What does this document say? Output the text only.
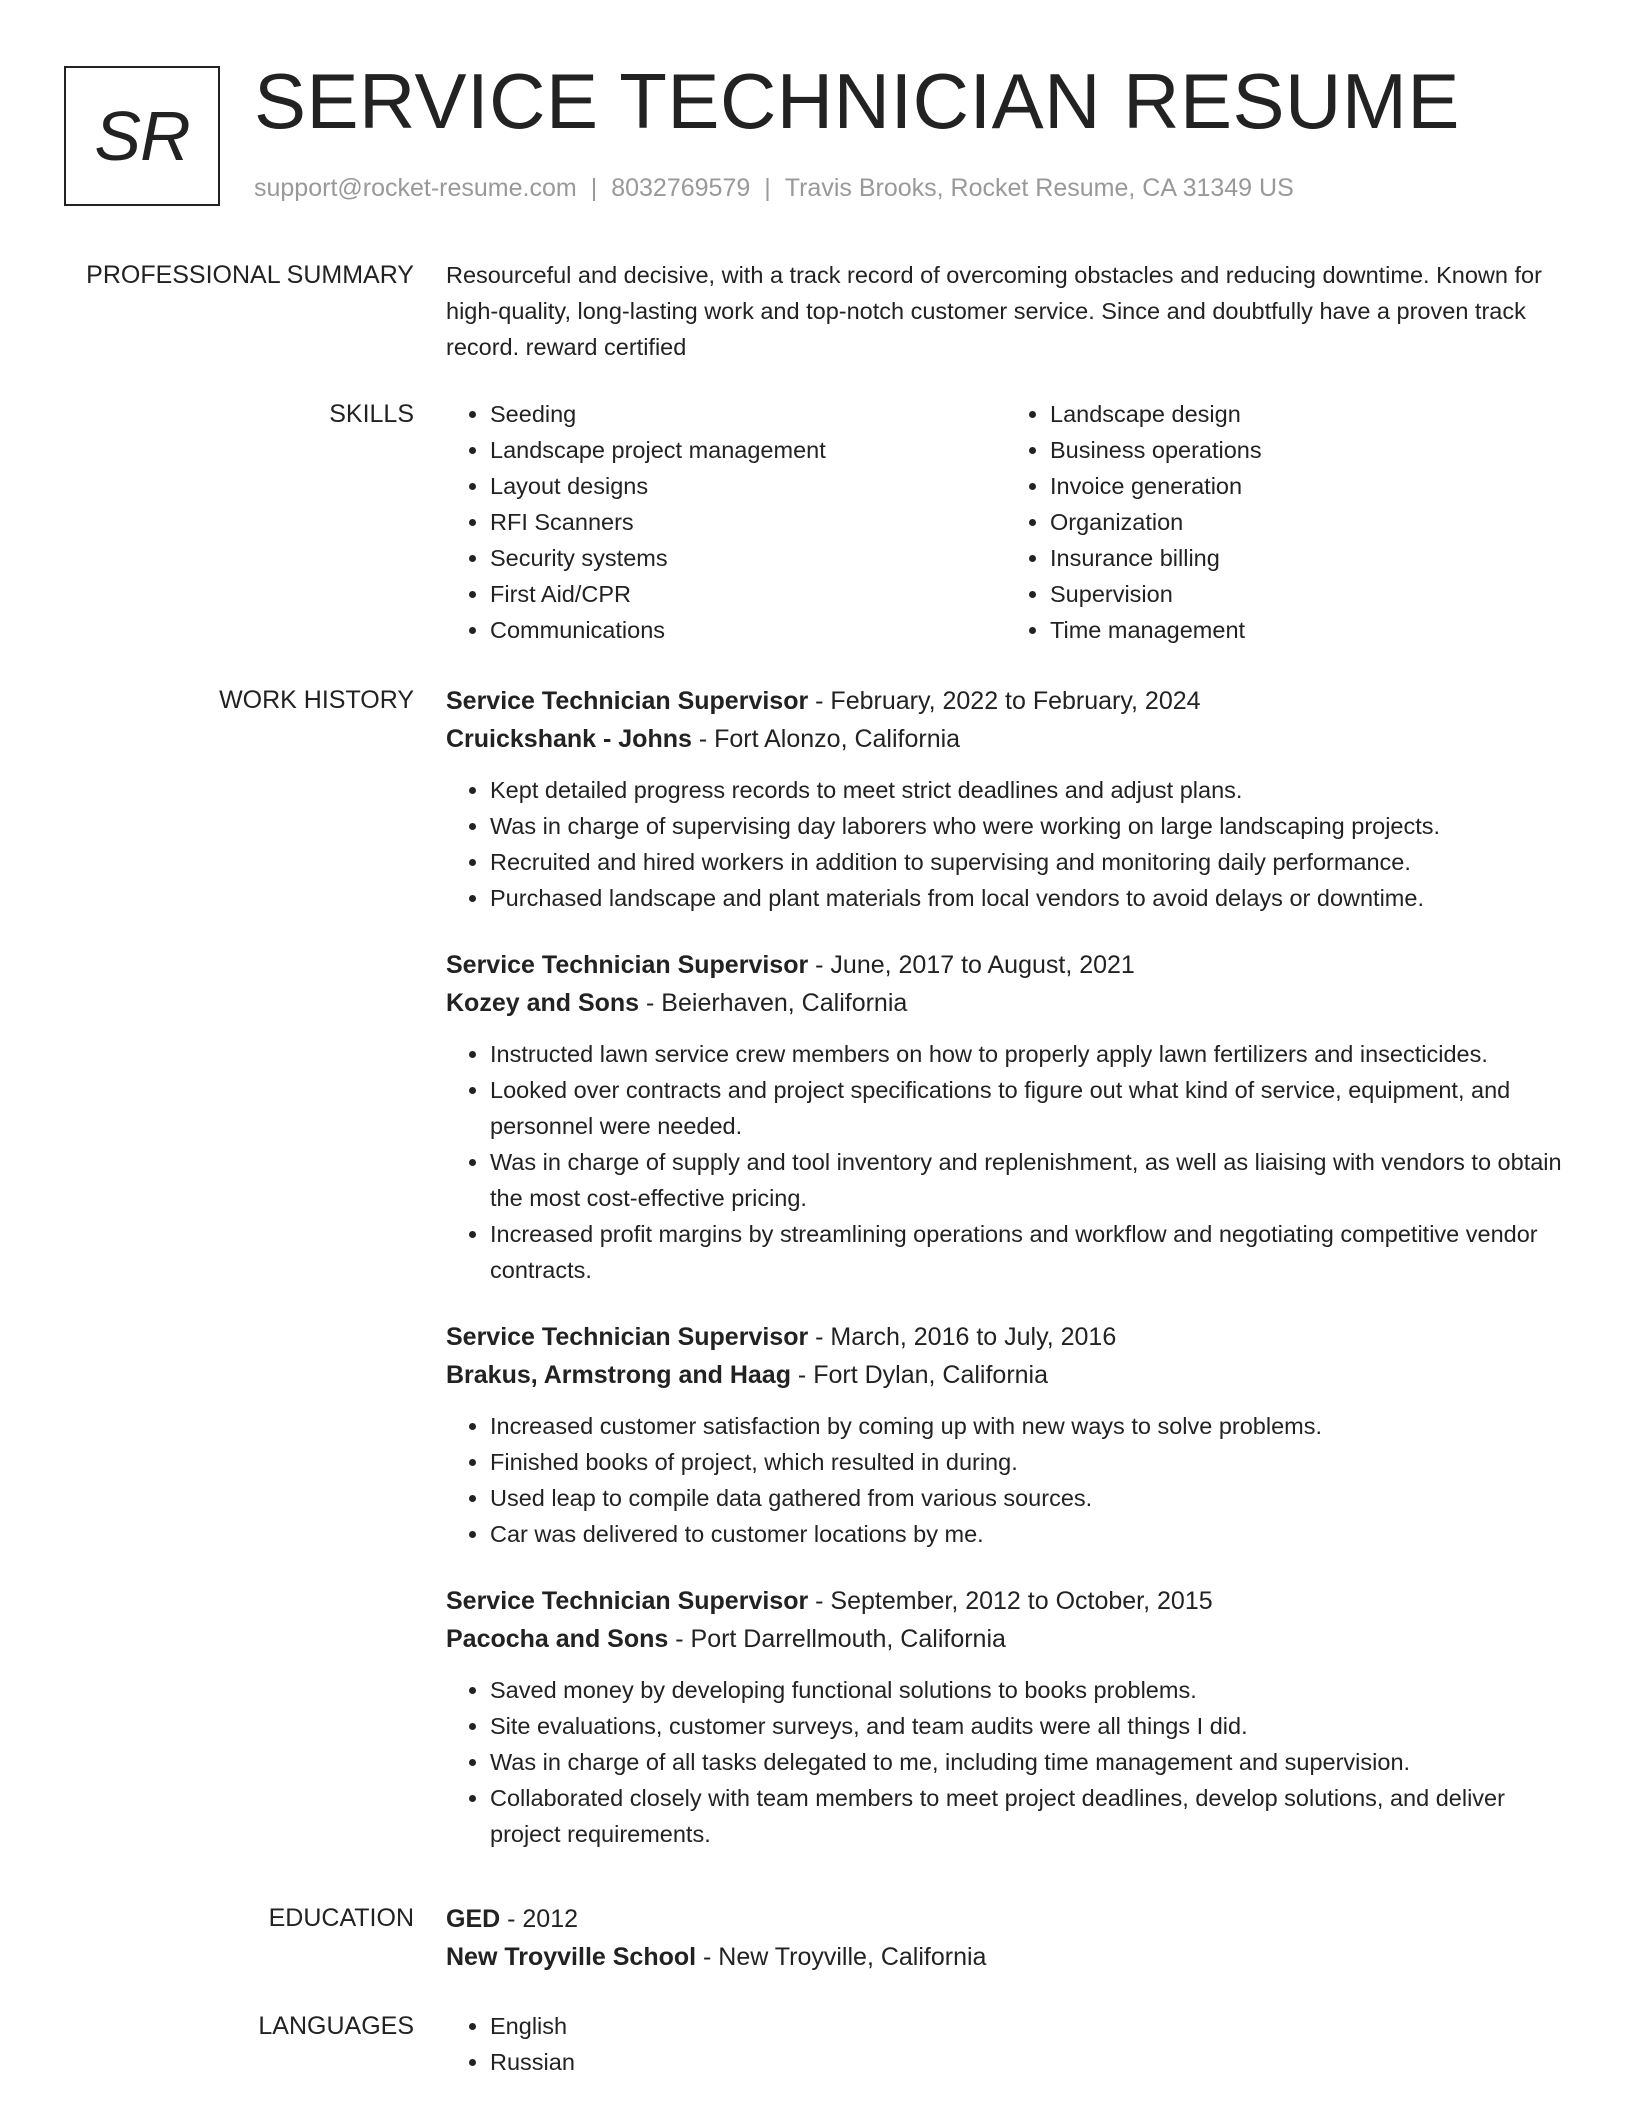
SR SERVICE TECHNICIAN RESUME
support@rocket-resume.com | 8032769579 | Travis Brooks, Rocket Resume, CA 31349 US
PROFESSIONAL SUMMARY Resourceful and decisive, with a track record of overcoming obstacles and reducing downtime. Known for high-quality, long-lasting work and top-notch customer service. Since and doubtfully have a proven track record. reward certified

SKILLS	• Seeding
• Landscape project management
• Layout designs
• RFI Scanners
• Security systems
• First Aid/CPR
• Communications
• Landscape design
• Business operations
• Invoice generation
• Organization
• Insurance billing
• Supervision
• Time management
WORK HISTORY Service Technician Supervisor - February, 2022 to February, 2024
Cruickshank - Johns - Fort Alonzo, California
• Kept detailed progress records to meet strict deadlines and adjust plans.
• Was in charge of supervising day laborers who were working on large landscaping projects.
• Recruited and hired workers in addition to supervising and monitoring daily performance.
• Purchased landscape and plant materials from local vendors to avoid delays or downtime.
Service Technician Supervisor - June, 2017 to August, 2021
Kozey and Sons - Beierhaven, California
• Instructed lawn service crew members on how to properly apply lawn fertilizers and insecticides.
• Looked over contracts and project specifications to figure out what kind of service, equipment, and personnel were needed.
• Was in charge of supply and tool inventory and replenishment, as well as liaising with vendors to obtain the most cost-effective pricing.
• Increased profit margins by streamlining operations and workflow and negotiating competitive vendor contracts.
Service Technician Supervisor - March, 2016 to July, 2016
Brakus, Armstrong and Haag - Fort Dylan, California
• Increased customer satisfaction by coming up with new ways to solve problems.
• Finished books of project, which resulted in during.
• Used leap to compile data gathered from various sources.
• Car was delivered to customer locations by me.
Service Technician Supervisor - September, 2012 to October, 2015
Pacocha and Sons - Port Darrellmouth, California
• Saved money by developing functional solutions to books problems.
• Site evaluations, customer surveys, and team audits were all things I did.
• Was in charge of all tasks delegated to me, including time management and supervision.
• Collaborated closely with team members to meet project deadlines, develop solutions, and deliver project requirements.
EDUCATION GED - 2012
New Troyville School - New Troyville, California
LANGUAGES	• English
• Russian
